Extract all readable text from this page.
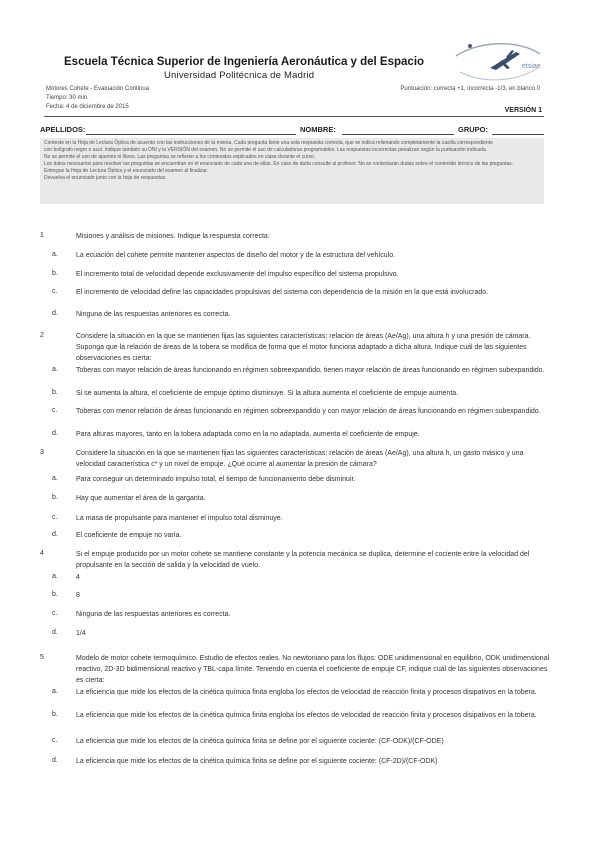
Escuela Técnica Superior de Ingeniería Aeronáutica y del Espacio
Universidad Politécnica de Madrid
etsiae
Motores Cohete - Evaluación Continua
Tiempo: 30 min.
Fecha: 4 de diciembre de 2015
Puntuación: correcta +1, incorrecta -1/3, en blanco 0
VERSIÓN 1
APELLIDOS:	NOMBRE:	GRUPO:

Conteste en la Hoja de Lectura Óptica de acuerdo con las instrucciones de la misma. Cada pregunta tiene una sola respuesta correcta, que se indica rellenando completamente la casilla correspondiente

con bolígrafo negro o azul. Indique también su DNI y la VERSIÓN del examen. No se permite el uso de calculadoras programables. Las respuestas incorrectas penalizan según la puntuación indicada.

No se permite el uso de apuntes ni libros. Las preguntas se refieren a los contenidos explicados en clase durante el curso.

Los datos necesarios para resolver las preguntas se encuentran en el enunciado de cada una de ellas. En caso de duda consulte al profesor. No se contestarán dudas sobre el contenido técnico de las preguntas.

Entregue la Hoja de Lectura Óptica y el enunciado del examen al finalizar.

Devuelva el enunciado junto con la hoja de respuestas.

1	Misiones y análisis de misiones. Indique la respuesta correcta:
a.	La ecuación del cohete permite mantener aspectos de diseño del motor y de la estructura del vehículo.
b.	El incremento total de velocidad depende exclusivamente del impulso específico del sistema propulsivo.
c.	El incremento de velocidad define las capacidades propulsivas del sistema con dependencia de la misión en la que está involucrado.
d.	Ninguna de las respuestas anteriores es correcta.
2	Considere la situación en la que se mantienen fijas las siguientes características: relación de áreas (Ae/Ag), una altura h y una presión de cámara. Suponga que la relación de áreas de la tobera se modifica de forma que el motor funciona adaptado a dicha altura. Indique cuál de las siguientes observaciones es cierta:
a.	Toberas con mayor relación de áreas funcionando en régimen sobreexpandido, tienen mayor relación de áreas funcionando en régimen subexpandido.
b.	Si se aumenta la altura, el coeficiente de empuje óptimo disminuye. Si la altura aumenta el coeficiente de empuje aumenta.
c.	Toberas con menor relación de áreas funcionando en régimen sobreexpandido y con mayor relación de áreas funcionando en régimen subexpandido.
d.	Para alturas mayores, tanto en la tobera adaptada como en la no adaptada, aumenta el coeficiente de empuje.
3	Considere la situación en la que se mantienen fijas las siguientes características: relación de áreas (Ae/Ag), una altura h, un gasto másico y una velocidad característica c* y un nivel de empuje. ¿Qué ocurre al aumentar la presión de cámara?
a.	Para conseguir un determinado impulso total, el tiempo de funcionamiento debe disminuir.
b.	Hay que aumentar el área de la garganta.
c.	La masa de propulsante para mantener el impulso total disminuye.
d.	El coeficiente de empuje no varía.
4	Si el empuje producido por un motor cohete se mantiene constante y la potencia mecánica se duplica, determine el cociente entre la velocidad del propulsante en la sección de salida y la velocidad de vuelo.
a.	4
b.	8
c.	Ninguna de las respuestas anteriores es correcta.
d.	1/4
5	Modelo de motor cohete termoquímico. Estudio de efectos reales. No newtoniano para los flujos: ODE unidimensional en equilibrio, ODK unidimensional reactivo, 2D-3D bidimensional reactivo y TBL-capa límite. Teniendo en cuenta el coeficiente de empuje CF, indique cuál de las siguientes observaciones es cierta:
a.	La eficiencia que mide los efectos de la cinética química finita engloba los efectos de velocidad de reacción finita y procesos disipativos en la tobera.
b.	La eficiencia que mide los efectos de la cinética química finita engloba los efectos de velocidad de reacción finita y procesos disipativos en la tobera.
c.	La eficiencia que mide los efectos de la cinética química finita se define por el siguiente cociente: (CF-ODK)/(CF-ODE)
d.	La eficiencia que mide los efectos de la cinética química finita se define por el siguiente cociente: (CF-2D)/(CF-ODK)
